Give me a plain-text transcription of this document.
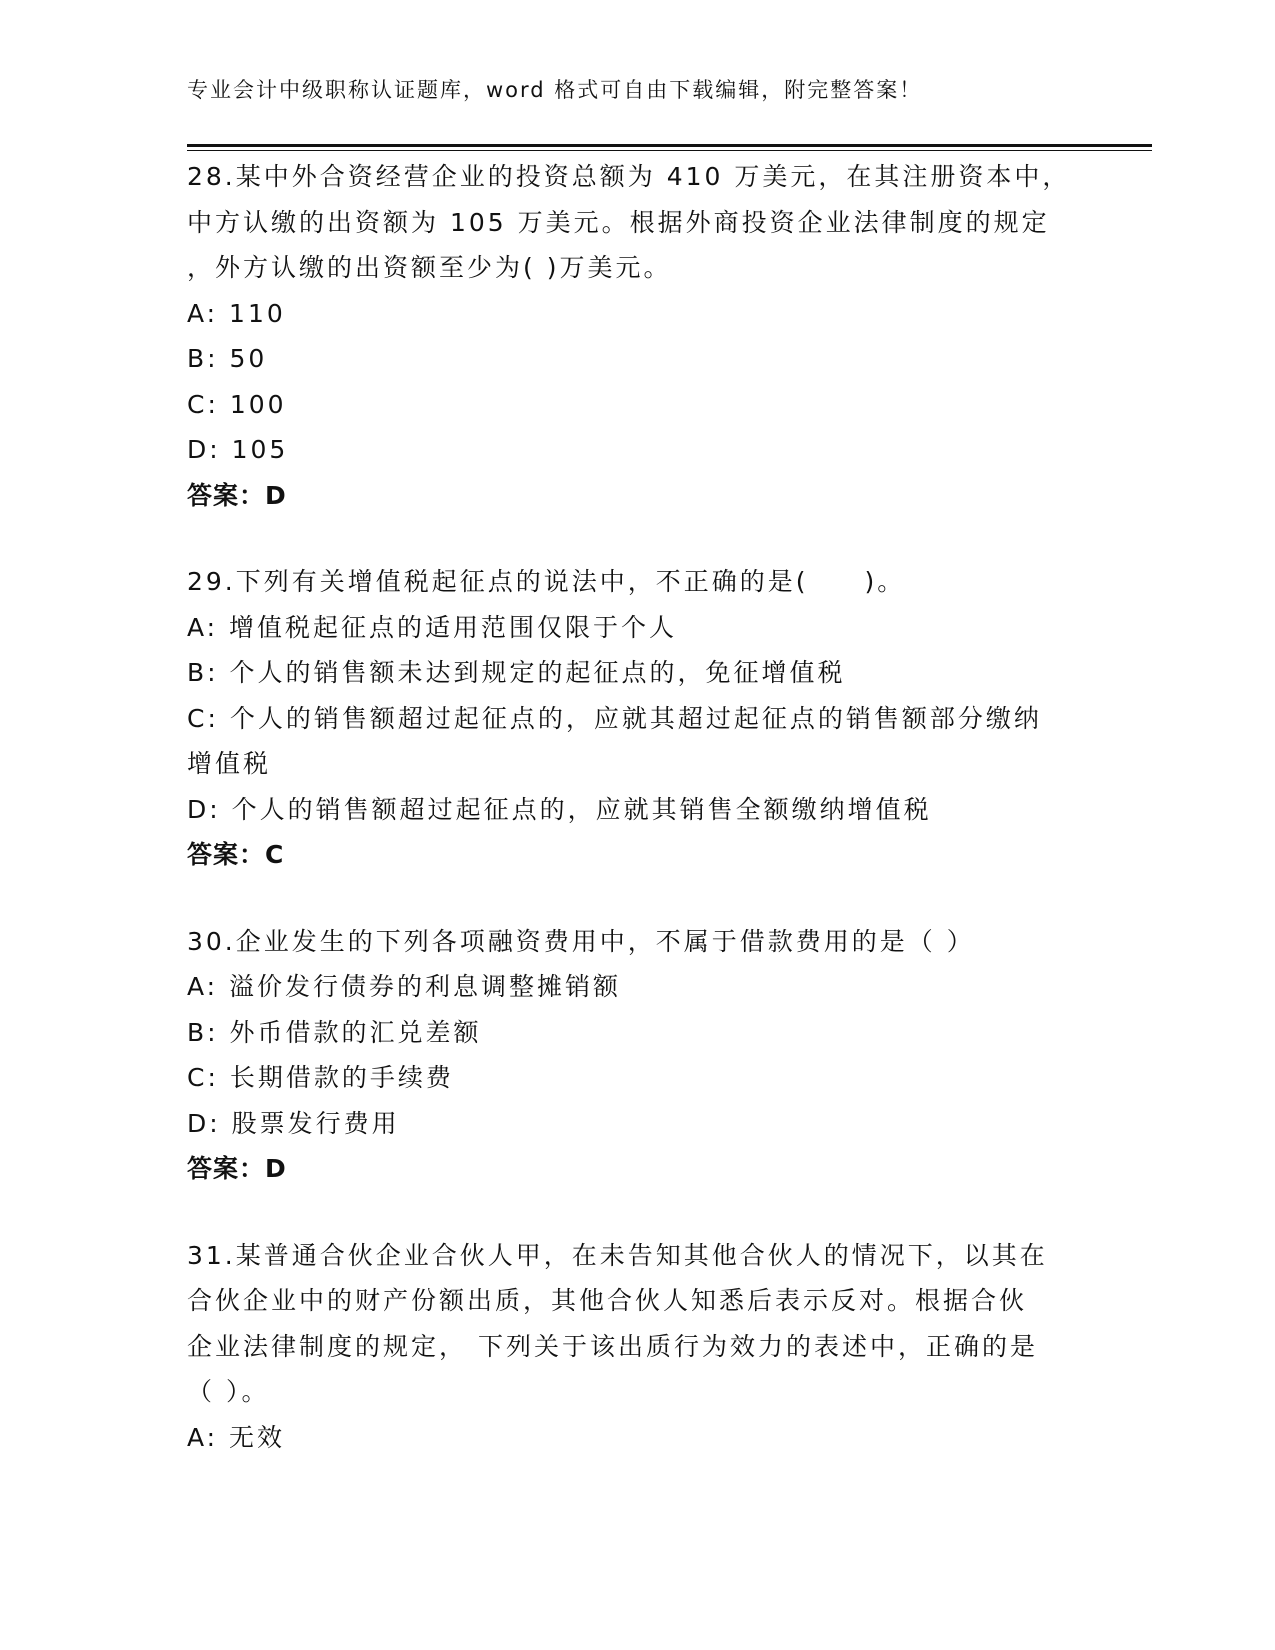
专业会计中级职称认证题库，word 格式可自由下载编辑，附完整答案！
28.某中外合资经营企业的投资总额为 410 万美元，在其注册资本中，
中方认缴的出资额为 105 万美元。根据外商投资企业法律制度的规定
，外方认缴的出资额至少为( )万美元。
A: 110
B: 50
C: 100
D: 105
答案：D
29.下列有关增值税起征点的说法中，不正确的是(　　)。
A: 增值税起征点的适用范围仅限于个人
B: 个人的销售额未达到规定的起征点的，免征增值税
C: 个人的销售额超过起征点的，应就其超过起征点的销售额部分缴纳
增值税
D: 个人的销售额超过起征点的，应就其销售全额缴纳增值税
答案：C
30.企业发生的下列各项融资费用中，不属于借款费用的是（ ）
A: 溢价发行债券的利息调整摊销额
B: 外币借款的汇兑差额
C: 长期借款的手续费
D: 股票发行费用
答案：D
31.某普通合伙企业合伙人甲，在未告知其他合伙人的情况下，以其在
合伙企业中的财产份额出质，其他合伙人知悉后表示反对。根据合伙
企业法律制度的规定， 下列关于该出质行为效力的表述中，正确的是
（ ）。
A: 无效
